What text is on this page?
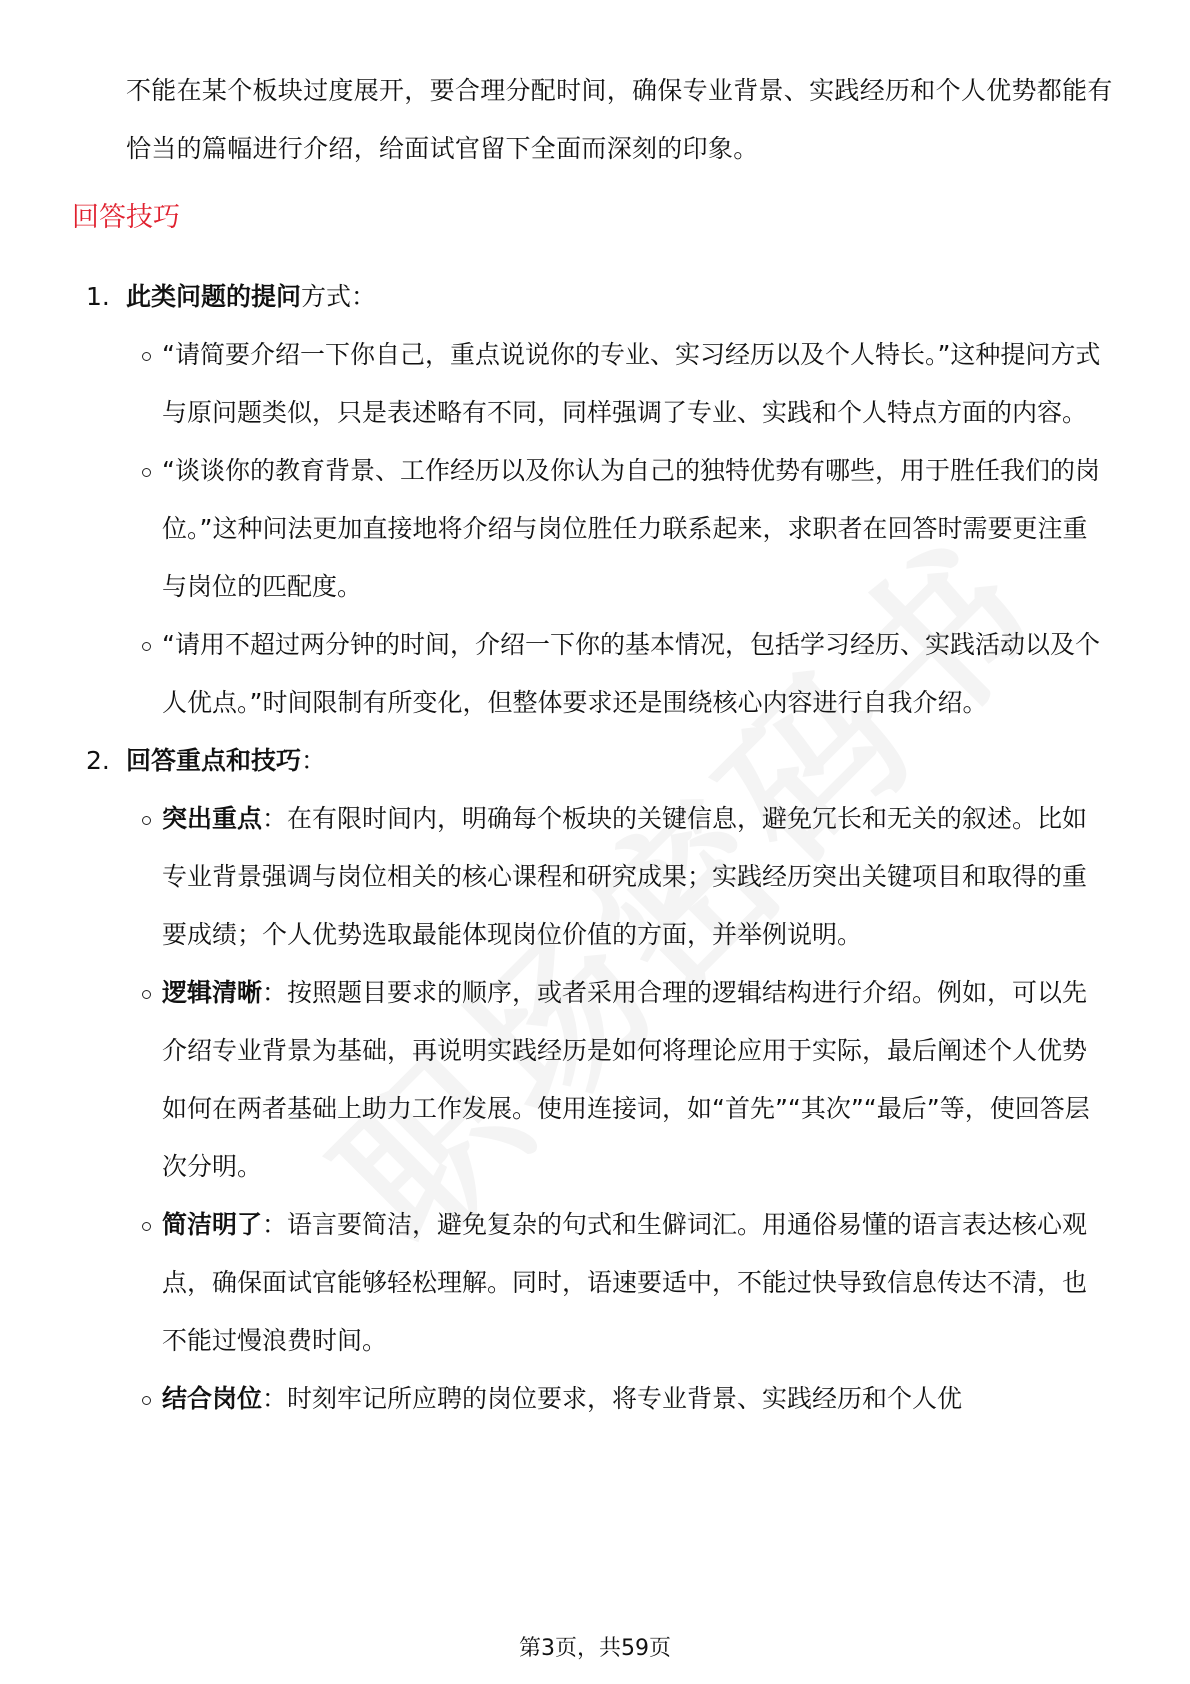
不能在某个板块过度展开，要合理分配时间，确保专业背景、实践经历和个人优势都能有恰当的篇幅进行介绍，给面试官留下全面而深刻的印象。
回答技巧
1. 此类问题的提问方式：
“请简要介绍一下你自己，重点说说你的专业、实习经历以及个人特长。”这种提问方式与原问题类似，只是表述略有不同，同样强调了专业、实践和个人特点方面的内容。
“谈谈你的教育背景、工作经历以及你认为自己的独特优势有哪些，用于胜任我们的岗位。”这种问法更加直接地将介绍与岗位胜任力联系起来，求职者在回答时需要更注重与岗位的匹配度。
“请用不超过两分钟的时间，介绍一下你的基本情况，包括学习经历、实践活动以及个人优点。”时间限制有所变化，但整体要求还是围绕核心内容进行自我介绍。
2. 回答重点和技巧：
突出重点：在有限时间内，明确每个板块的关键信息，避免冗长和无关的叙述。比如专业背景强调与岗位相关的核心课程和研究成果；实践经历突出关键项目和取得的重要成绩；个人优势选取最能体现岗位价值的方面，并举例说明。
逻辑清晰：按照题目要求的顺序，或者采用合理的逻辑结构进行介绍。例如，可以先介绍专业背景为基础，再说明实践经历是如何将理论应用于实际，最后阐述个人优势如何在两者基础上助力工作发展。使用连接词，如“首先”“其次”“最后”等，使回答层次分明。
简洁明了：语言要简洁，避免复杂的句式和生僻词汇。用通俗易懂的语言表达核心观点，确保面试官能够轻松理解。同时，语速要适中，不能过快导致信息传达不清，也不能过慢浪费时间。
结合岗位：时刻牢记所应聘的岗位要求，将专业背景、实践经历和个人优
第3页，共59页
